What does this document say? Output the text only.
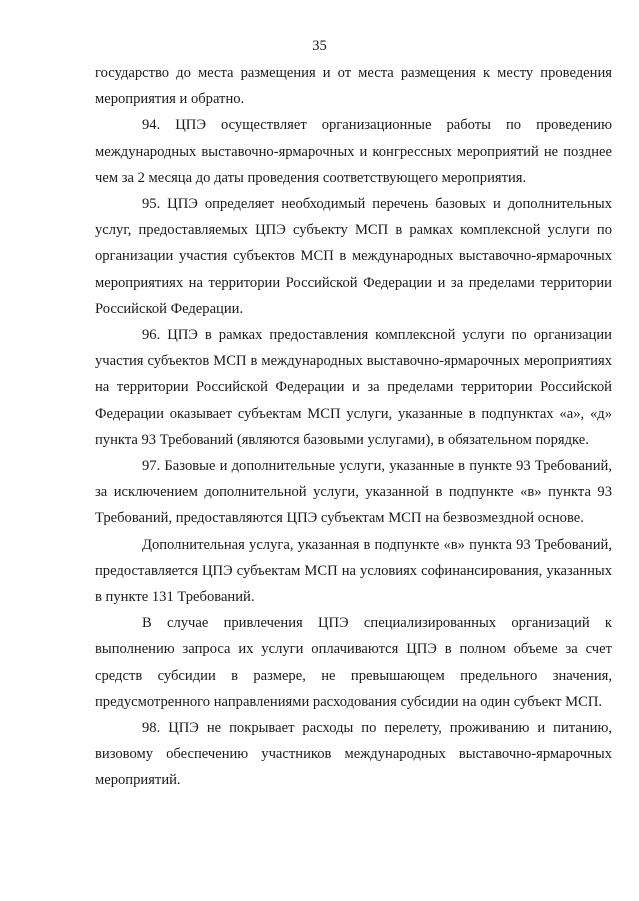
35

государство до места размещения и от места размещения к месту проведения мероприятия и обратно.

94. ЦПЭ осуществляет организационные работы по проведению международных выставочно-ярмарочных и конгрессных мероприятий не позднее чем за 2 месяца до даты проведения соответствующего мероприятия.

95. ЦПЭ определяет необходимый перечень базовых и дополнительных услуг, предоставляемых ЦПЭ субъекту МСП в рамках комплексной услуги по организации участия субъектов МСП в международных выставочно-ярмарочных мероприятиях на территории Российской Федерации и за пределами территории Российской Федерации.

96. ЦПЭ в рамках предоставления комплексной услуги по организации участия субъектов МСП в международных выставочно-ярмарочных мероприятиях на территории Российской Федерации и за пределами территории Российской Федерации оказывает субъектам МСП услуги, указанные в подпунктах «а», «д» пункта 93 Требований (являются базовыми услугами), в обязательном порядке.

97. Базовые и дополнительные услуги, указанные в пункте 93 Требований, за исключением дополнительной услуги, указанной в подпункте «в» пункта 93 Требований, предоставляются ЦПЭ субъектам МСП на безвозмездной основе.

Дополнительная услуга, указанная в подпункте «в» пункта 93 Требований, предоставляется ЦПЭ субъектам МСП на условиях софинансирования, указанных в пункте 131 Требований.

В случае привлечения ЦПЭ специализированных организаций к выполнению запроса их услуги оплачиваются ЦПЭ в полном объеме за счет средств субсидии в размере, не превышающем предельного значения, предусмотренного направлениями расходования субсидии на один субъект МСП.

98. ЦПЭ не покрывает расходы по перелету, проживанию и питанию, визовому обеспечению участников международных выставочно-ярмарочных мероприятий.
